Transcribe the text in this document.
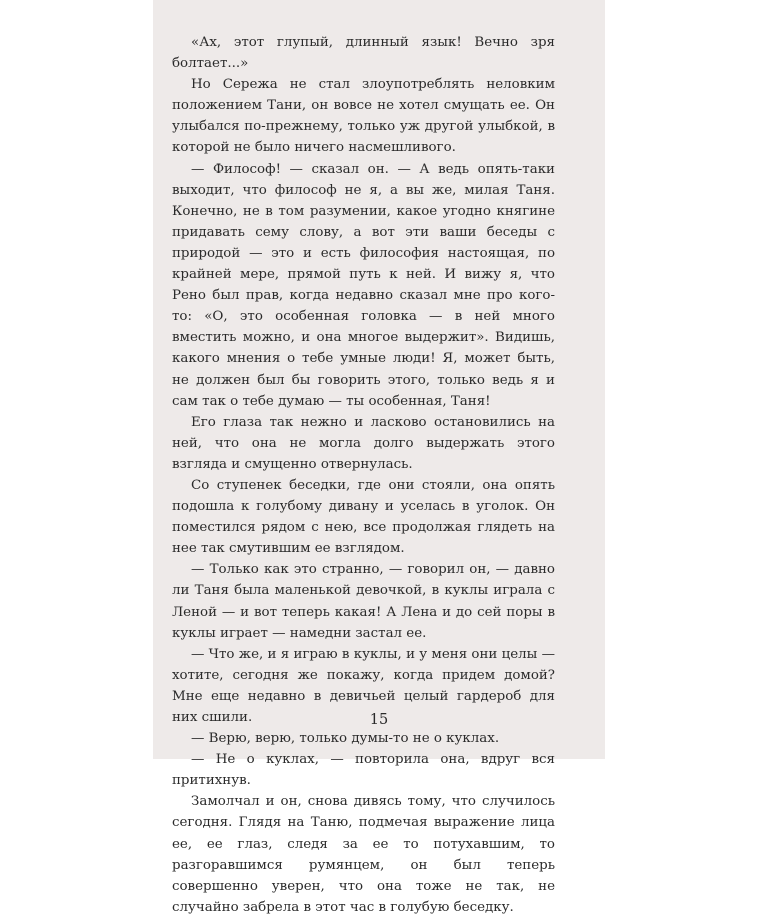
«Ах, этот глупый, длинный язык! Вечно зря болтает...»

Но Сережа не стал злоупотреблять неловким положением Тани, он вовсе не хотел смущать ее. Он улыбался по-прежнему, только уж другой улыбкой, в которой не было ничего насмешливого.

— Философ! — сказал он. — А ведь опять-таки выходит, что философ не я, а вы же, милая Таня. Конечно, не в том разумении, какое угодно княгине придавать сему слову, а вот эти ваши беседы с природой — это и есть философия настоящая, по крайней мере, прямой путь к ней. И вижу я, что Рено был прав, когда недавно сказал мне про кого-то: «О, это особенная головка — в ней много вместить можно, и она многое выдержит». Видишь, какого мнения о тебе умные люди! Я, может быть, не должен был бы говорить этого, только ведь я и сам так о тебе думаю — ты особенная, Таня!

Его глаза так нежно и ласково остановились на ней, что она не могла долго выдержать этого взгляда и смущенно отвернулась.

Со ступенек беседки, где они стояли, она опять подошла к голубому дивану и уселась в уголок. Он поместился рядом с нею, все продолжая глядеть на нее так смутившим ее взглядом.

— Только как это странно, — говорил он, — давно ли Таня была маленькой девочкой, в куклы играла с Леной — и вот теперь какая! А Лена и до сей поры в куклы играет — намедни застал ее.

— Что же, и я играю в куклы, и у меня они целы — хотите, сегодня же покажу, когда придем домой? Мне еще недавно в девичьей целый гардероб для них сшили.

— Верю, верю, только думы-то не о куклах.

— Не о куклах, — повторила она, вдруг вся притихнув.

Замолчал и он, снова дивясь тому, что случилось сегодня. Глядя на Таню, подмечая выражение лица ее, ее глаз, следя за ее то потухавшим, то разгоравшимся румянцем, он был теперь совершенно уверен, что она тоже не так, не случайно забрела в этот час в голубую беседку.

15
